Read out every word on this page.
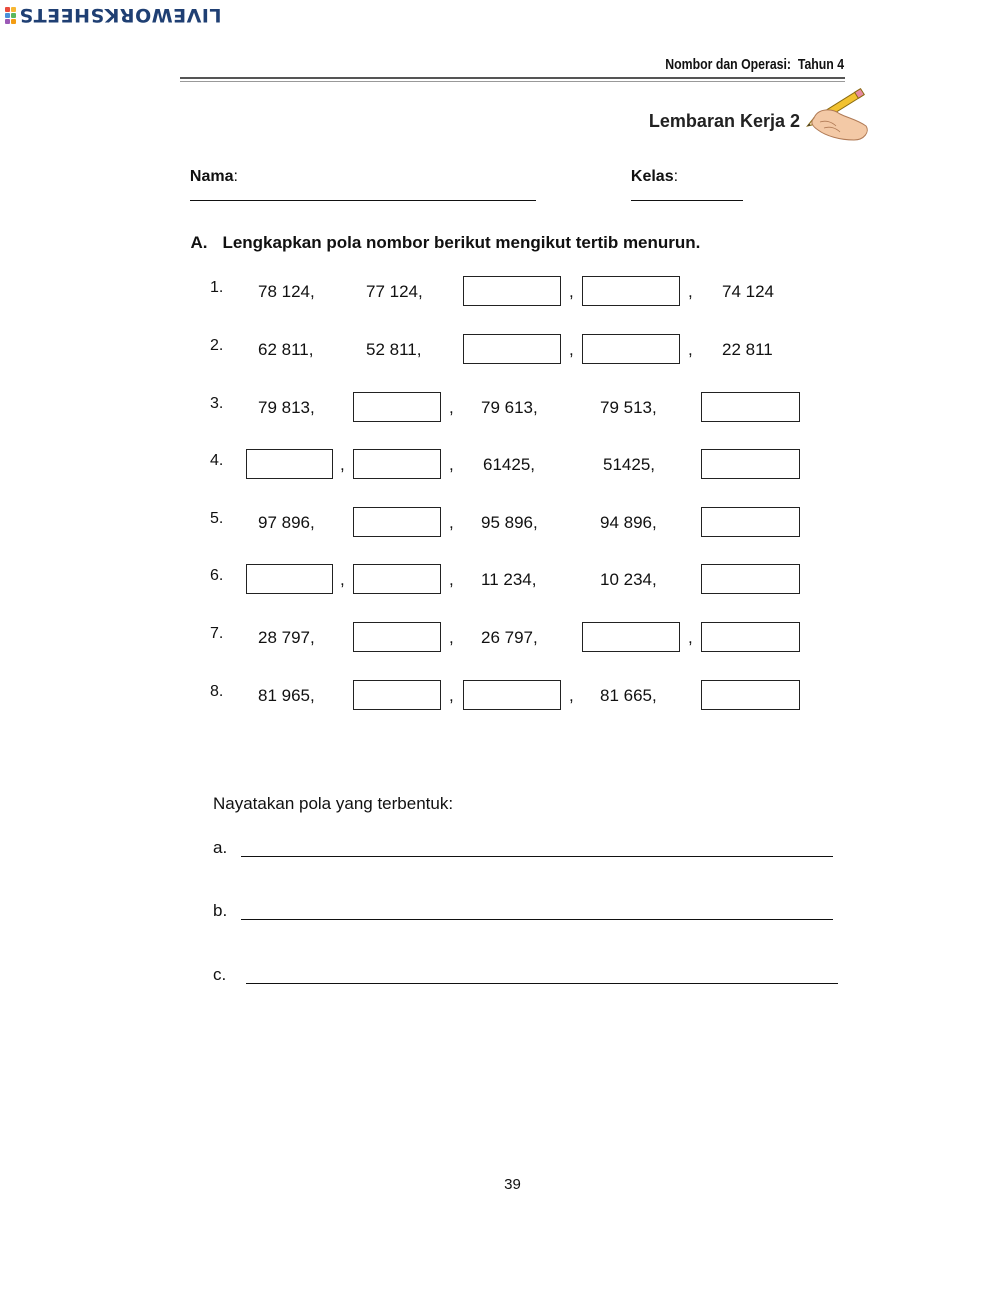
LIVEWORKSHEETS
Nombor dan Operasi:  Tahun 4
Lembaran Kerja 2

Nama:
	Kelas:

A. Lengkapkan pola nombor berikut mengikut tertib menurun.

1. 78 124,	77 124,	,	, 74 124
2. 62 811,	52 811,	,	, 22 811
3. 79 813,	, 79 613,	79 513,
4.	,	, 61425,	51425,
5. 97 896,	, 95 896,	94 896,
6.	,	, 11 234,	10 234,
7. 28 797,	, 26 797,	,
8. 81 965,	,	, 81 665,
Nayatakan pola yang terbentuk:
a.
b.
c.
39
